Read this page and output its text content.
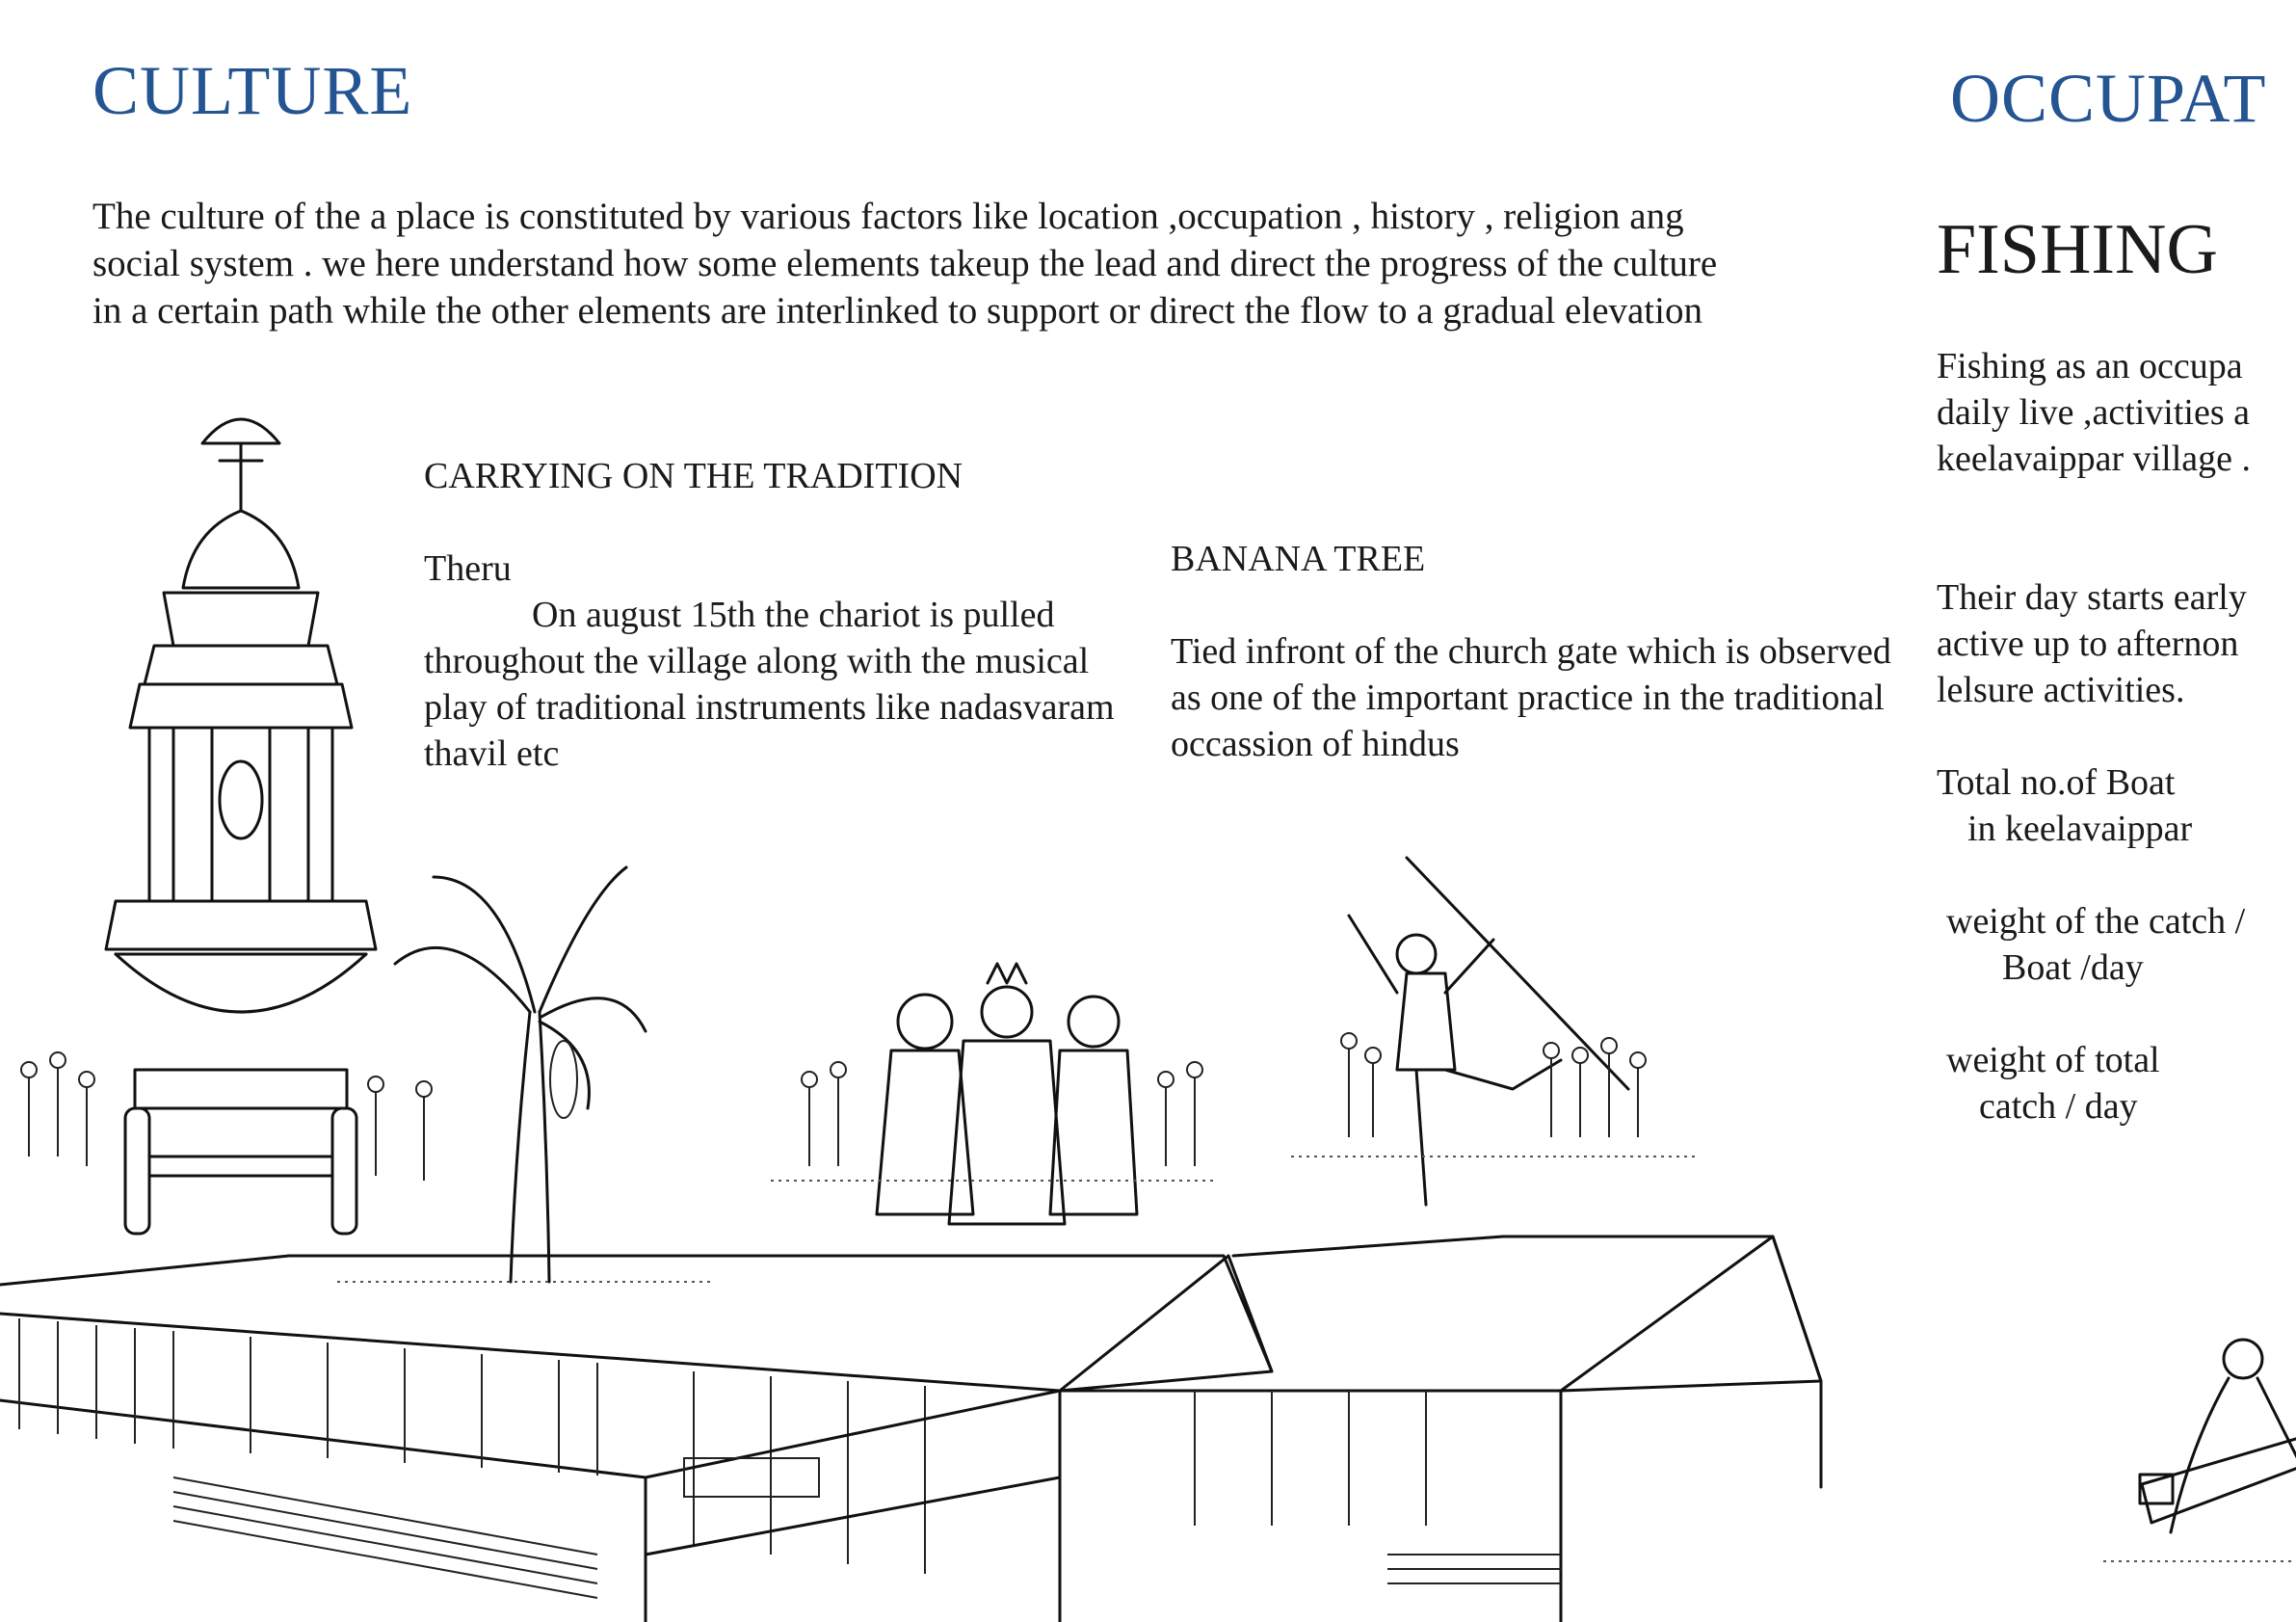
CULTURE

The culture of the a place is constituted by various factors like location ,occupation , history , religion ang social system . we here understand how some elements takeup the lead and direct the progress of the culture in a certain path while the other elements are interlinked to support or direct the flow to a gradual elevation

CARRYING ON THE TRADITION

Theru

On august 15th the chariot is pulled throughout the village along with the musical play of traditional instruments like nadasvaram thavil etc

BANANA TREE

Tied infront of the church gate which is observed as one of the important practice in the traditional occassion of hindus

OCCUPAT

FISHING

Fishing as an occupa

daily live ,activities a

keelavaippar village .

Their day starts early

active up to afternon

lelsure activities.

Total no.of Boat

in keelavaippar

weight of the catch /

Boat /day

weight of total

catch / day
